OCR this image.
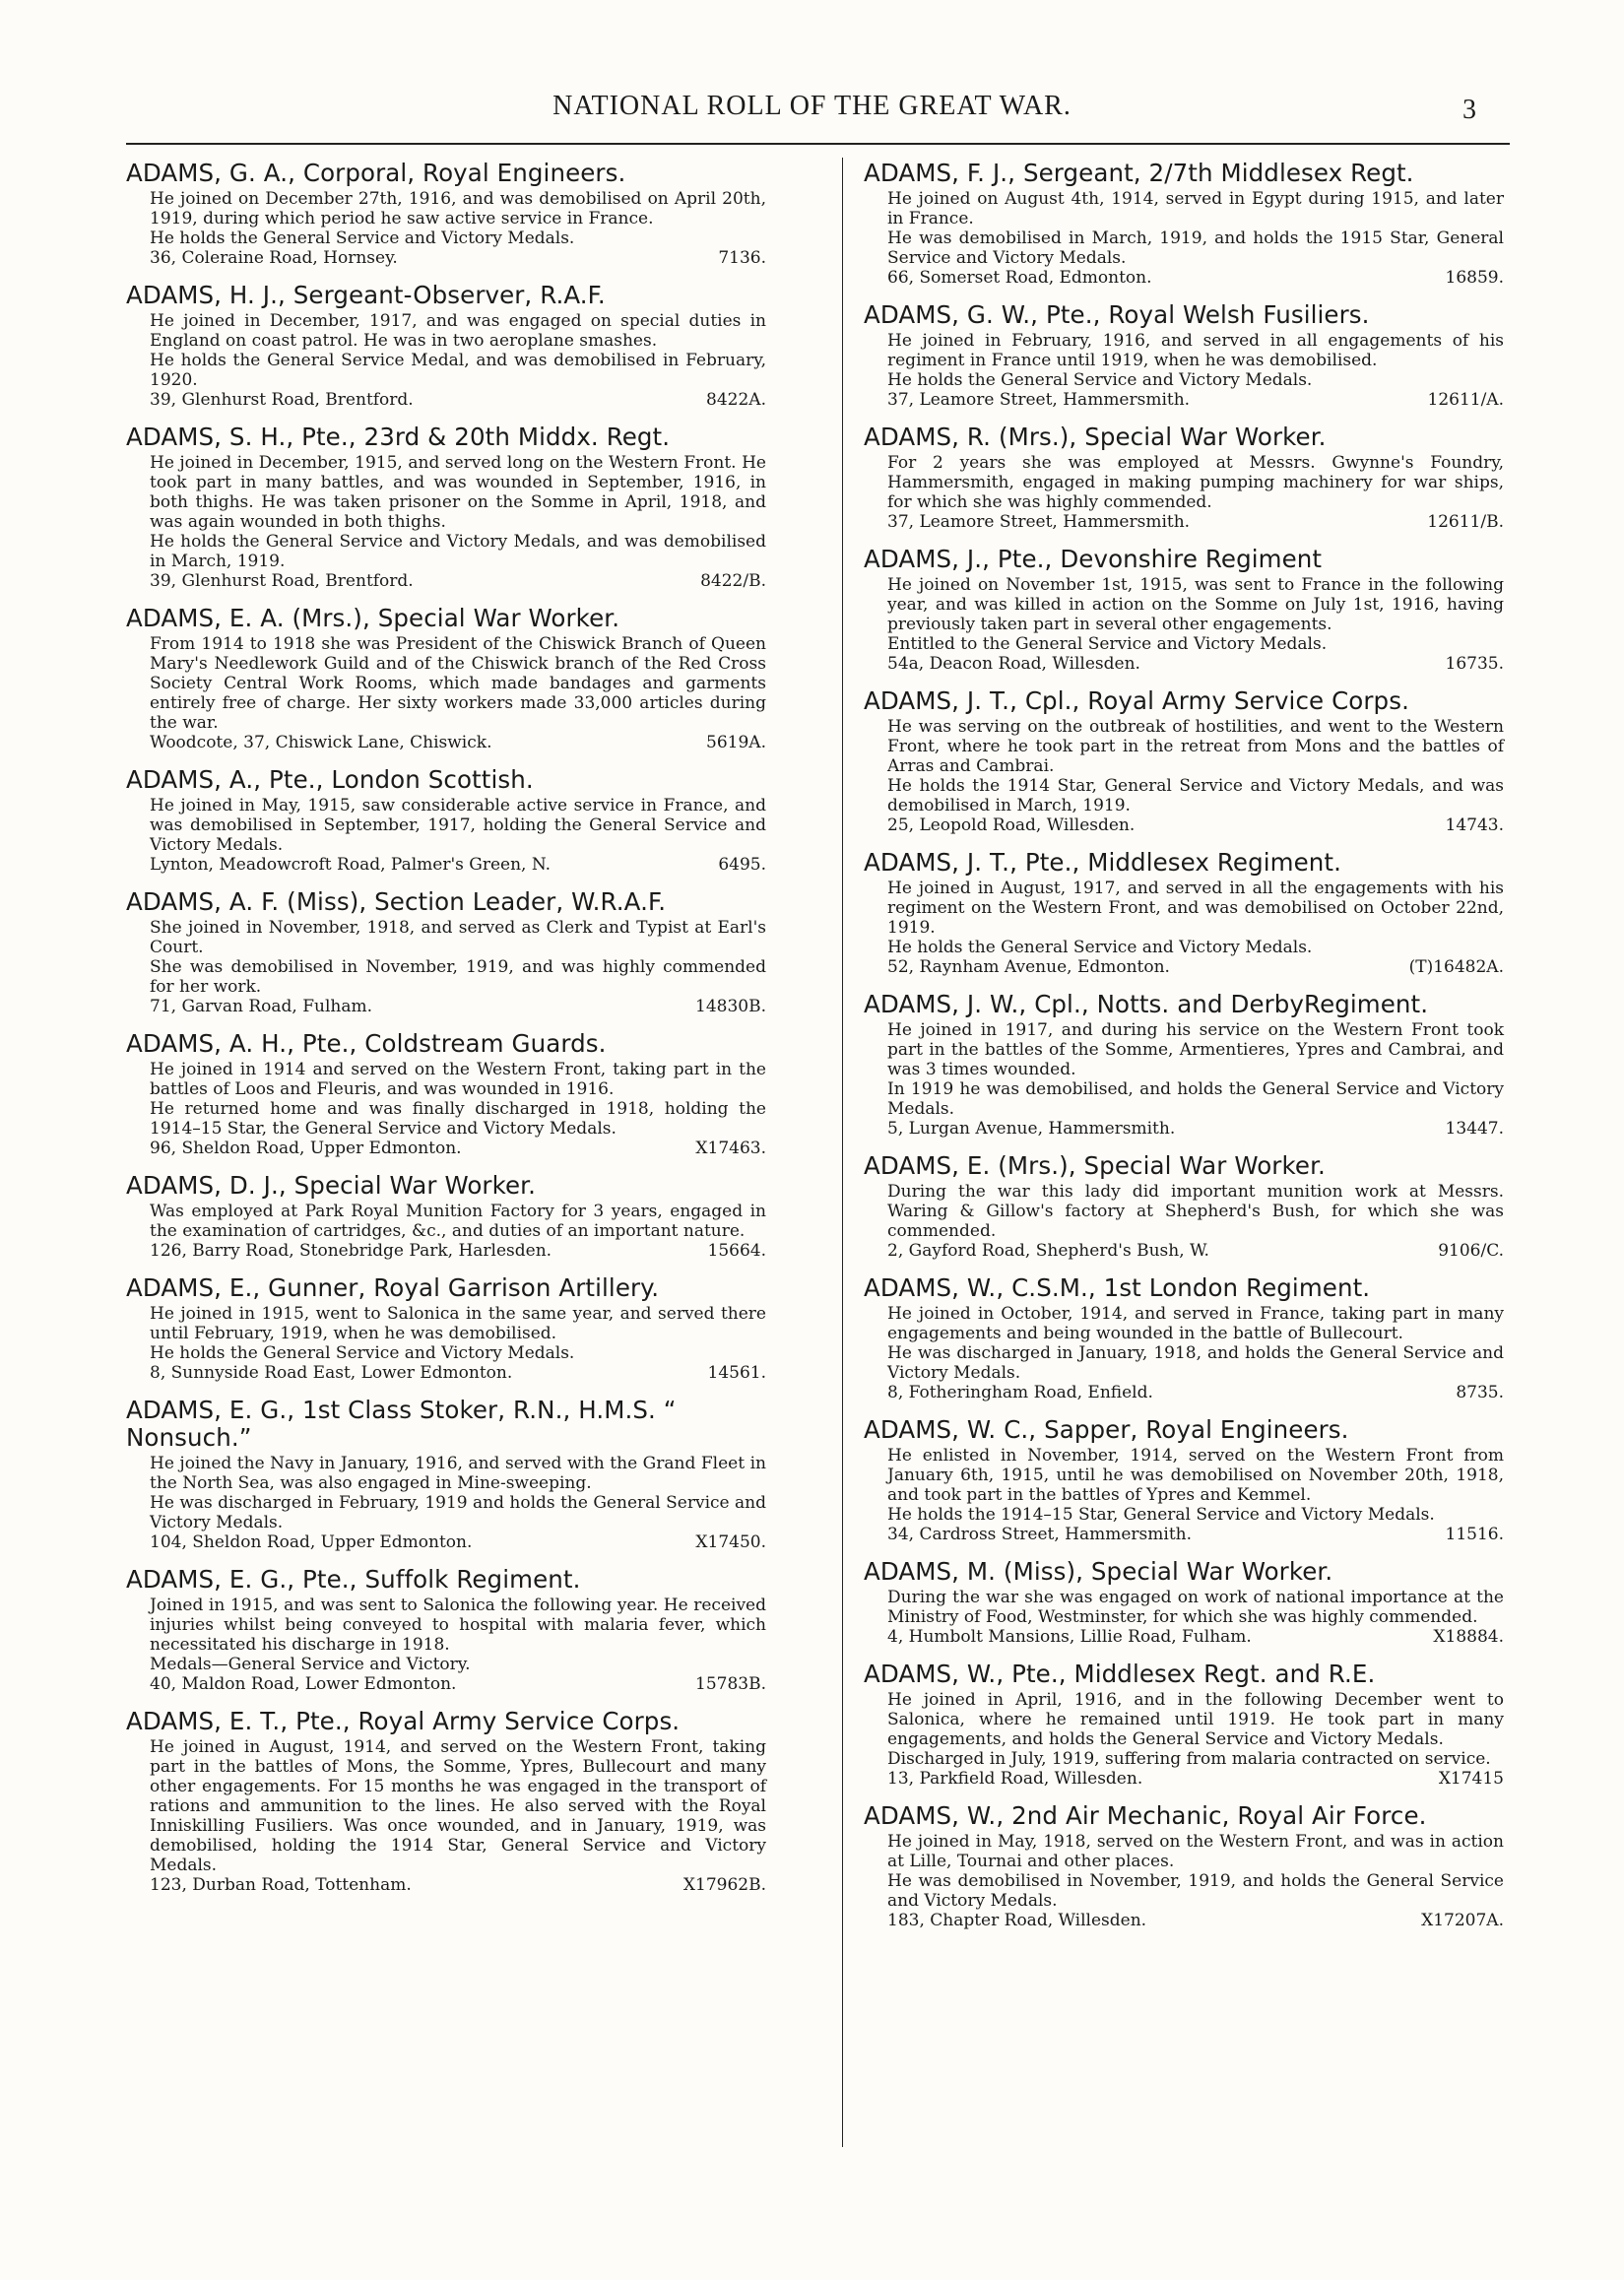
NATIONAL ROLL OF THE GREAT WAR.	3
ADAMS, G. A., Corporal, Royal Engineers.

He joined on December 27th, 1916, and was demobilised on April 20th, 1919, during which period he saw active service in France.

He holds the General Service and Victory Medals.

36, Coleraine Road, Hornsey.	7136.
ADAMS, H. J., Sergeant-Observer, R.A.F.

He joined in December, 1917, and was engaged on special duties in England on coast patrol. He was in two aeroplane smashes.

He holds the General Service Medal, and was demobilised in February, 1920.

39, Glenhurst Road, Brentford.	8422A.
ADAMS, S. H., Pte., 23rd & 20th Middx. Regt.

He joined in December, 1915, and served long on the Western Front. He took part in many battles, and was wounded in September, 1916, in both thighs. He was taken prisoner on the Somme in April, 1918, and was again wounded in both thighs.

He holds the General Service and Victory Medals, and was demobilised in March, 1919.

39, Glenhurst Road, Brentford.	8422/B.
ADAMS, E. A. (Mrs.), Special War Worker.

From 1914 to 1918 she was President of the Chiswick Branch of Queen Mary's Needlework Guild and of the Chiswick branch of the Red Cross Society Central Work Rooms, which made bandages and garments entirely free of charge. Her sixty workers made 33,000 articles during the war.

Woodcote, 37, Chiswick Lane, Chiswick.	5619A.
ADAMS, A., Pte., London Scottish.

He joined in May, 1915, saw considerable active service in France, and was demobilised in September, 1917, holding the General Service and Victory Medals.

Lynton, Meadowcroft Road, Palmer's Green, N.	6495.
ADAMS, A. F. (Miss), Section Leader, W.R.A.F.

She joined in November, 1918, and served as Clerk and Typist at Earl's Court.

She was demobilised in November, 1919, and was highly commended for her work.

71, Garvan Road, Fulham.	14830B.
ADAMS, A. H., Pte., Coldstream Guards.

He joined in 1914 and served on the Western Front, taking part in the battles of Loos and Fleuris, and was wounded in 1916.

He returned home and was finally discharged in 1918, holding the 1914–15 Star, the General Service and Victory Medals.

96, Sheldon Road, Upper Edmonton.	X17463.
ADAMS, D. J., Special War Worker.

Was employed at Park Royal Munition Factory for 3 years, engaged in the examination of cartridges, &c., and duties of an important nature.

126, Barry Road, Stonebridge Park, Harlesden.	15664.
ADAMS, E., Gunner, Royal Garrison Artillery.

He joined in 1915, went to Salonica in the same year, and served there until February, 1919, when he was demobilised.

He holds the General Service and Victory Medals.

8, Sunnyside Road East, Lower Edmonton.	14561.
ADAMS, E. G., 1st Class Stoker, R.N., H.M.S. “ Nonsuch.”

He joined the Navy in January, 1916, and served with the Grand Fleet in the North Sea, was also engaged in Mine-sweeping.

He was discharged in February, 1919 and holds the General Service and Victory Medals.

104, Sheldon Road, Upper Edmonton.	X17450.
ADAMS, E. G., Pte., Suffolk Regiment.

Joined in 1915, and was sent to Salonica the following year. He received injuries whilst being conveyed to hospital with malaria fever, which necessitated his discharge in 1918.

Medals—General Service and Victory.

40, Maldon Road, Lower Edmonton.	15783B.
ADAMS, E. T., Pte., Royal Army Service Corps.

He joined in August, 1914, and served on the Western Front, taking part in the battles of Mons, the Somme, Ypres, Bullecourt and many other engagements. For 15 months he was engaged in the transport of rations and ammunition to the lines. He also served with the Royal Inniskilling Fusiliers. Was once wounded, and in January, 1919, was demobilised, holding the 1914 Star, General Service and Victory Medals.

123, Durban Road, Tottenham.	X17962B.
ADAMS, F. J., Sergeant, 2/7th Middlesex Regt.

He joined on August 4th, 1914, served in Egypt during 1915, and later in France.

He was demobilised in March, 1919, and holds the 1915 Star, General Service and Victory Medals.

66, Somerset Road, Edmonton.	16859.
ADAMS, G. W., Pte., Royal Welsh Fusiliers.

He joined in February, 1916, and served in all engagements of his regiment in France until 1919, when he was demobilised.

He holds the General Service and Victory Medals.

37, Leamore Street, Hammersmith.	12611/A.
ADAMS, R. (Mrs.), Special War Worker.

For 2 years she was employed at Messrs. Gwynne's Foundry, Hammersmith, engaged in making pumping machinery for war ships, for which she was highly commended.

37, Leamore Street, Hammersmith.	12611/B.
ADAMS, J., Pte., Devonshire Regiment

He joined on November 1st, 1915, was sent to France in the following year, and was killed in action on the Somme on July 1st, 1916, having previously taken part in several other engagements.

Entitled to the General Service and Victory Medals.

54a, Deacon Road, Willesden.	16735.
ADAMS, J. T., Cpl., Royal Army Service Corps.

He was serving on the outbreak of hostilities, and went to the Western Front, where he took part in the retreat from Mons and the battles of Arras and Cambrai.

He holds the 1914 Star, General Service and Victory Medals, and was demobilised in March, 1919.

25, Leopold Road, Willesden.	14743.
ADAMS, J. T., Pte., Middlesex Regiment.

He joined in August, 1917, and served in all the engagements with his regiment on the Western Front, and was demobilised on October 22nd, 1919.

He holds the General Service and Victory Medals.

52, Raynham Avenue, Edmonton.	(T)16482A.
ADAMS, J. W., Cpl., Notts. and DerbyRegiment.

He joined in 1917, and during his service on the Western Front took part in the battles of the Somme, Armentieres, Ypres and Cambrai, and was 3 times wounded.

In 1919 he was demobilised, and holds the General Service and Victory Medals.

5, Lurgan Avenue, Hammersmith.	13447.
ADAMS, E. (Mrs.), Special War Worker.

During the war this lady did important munition work at Messrs. Waring & Gillow's factory at Shepherd's Bush, for which she was commended.

2, Gayford Road, Shepherd's Bush, W.	9106/C.
ADAMS, W., C.S.M., 1st London Regiment.

He joined in October, 1914, and served in France, taking part in many engagements and being wounded in the battle of Bullecourt.

He was discharged in January, 1918, and holds the General Service and Victory Medals.

8, Fotheringham Road, Enfield.	8735.
ADAMS, W. C., Sapper, Royal Engineers.

He enlisted in November, 1914, served on the Western Front from January 6th, 1915, until he was demobilised on November 20th, 1918, and took part in the battles of Ypres and Kemmel.

He holds the 1914–15 Star, General Service and Victory Medals.

34, Cardross Street, Hammersmith.	11516.
ADAMS, M. (Miss), Special War Worker.

During the war she was engaged on work of national importance at the Ministry of Food, Westminster, for which she was highly commended.

4, Humbolt Mansions, Lillie Road, Fulham.	X18884.
ADAMS, W., Pte., Middlesex Regt. and R.E.

He joined in April, 1916, and in the following December went to Salonica, where he remained until 1919. He took part in many engagements, and holds the General Service and Victory Medals.

Discharged in July, 1919, suffering from malaria contracted on service.

13, Parkfield Road, Willesden.	X17415
ADAMS, W., 2nd Air Mechanic, Royal Air Force.

He joined in May, 1918, served on the Western Front, and was in action at Lille, Tournai and other places.

He was demobilised in November, 1919, and holds the General Service and Victory Medals.

183, Chapter Road, Willesden.	X17207A.
